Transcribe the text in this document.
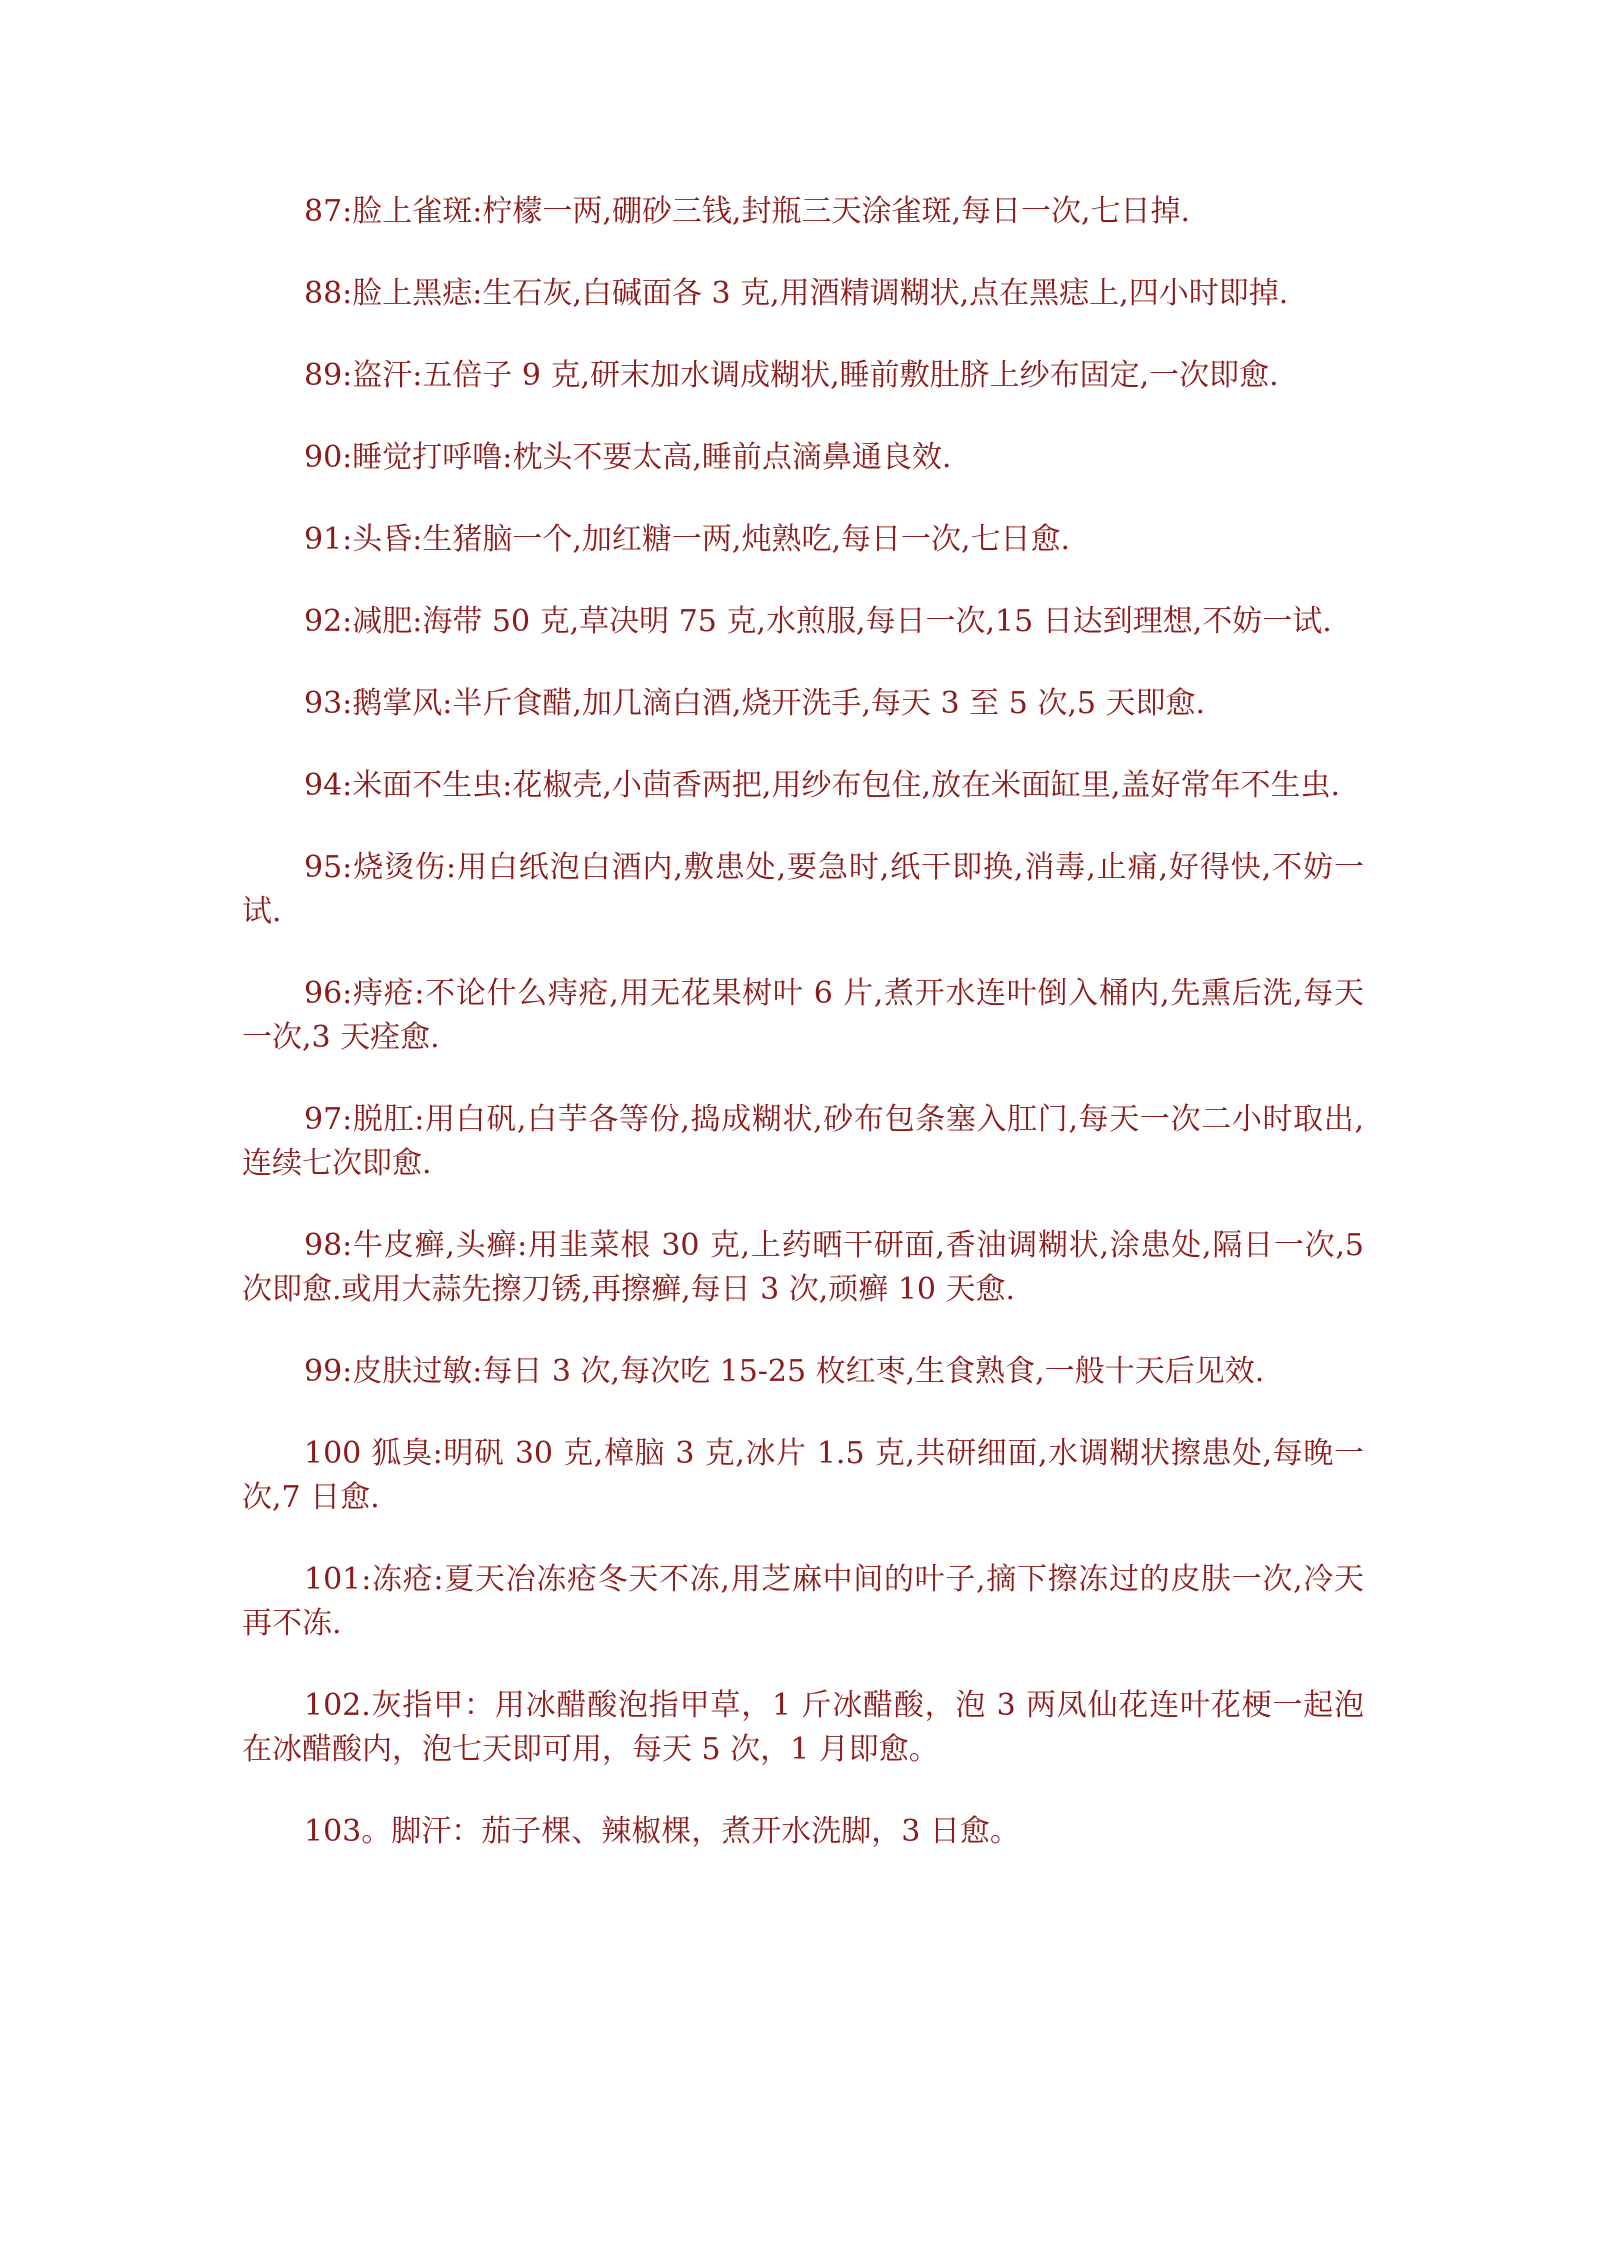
87:脸上雀斑:柠檬一两,硼砂三钱,封瓶三天涂雀斑,每日一次,七日掉.

88:脸上黑痣:生石灰,白碱面各 3 克,用酒精调糊状,点在黑痣上,四小时即掉.

89:盗汗:五倍子 9 克,研末加水调成糊状,睡前敷肚脐上纱布固定,一次即愈.

90:睡觉打呼噜:枕头不要太高,睡前点滴鼻通良效.

91:头昏:生猪脑一个,加红糖一两,炖熟吃,每日一次,七日愈.

92:减肥:海带 50 克,草决明 75 克,水煎服,每日一次,15 日达到理想,不妨一试.

93:鹅掌风:半斤食醋,加几滴白酒,烧开洗手,每天 3 至 5 次,5 天即愈.

94:米面不生虫:花椒壳,小茴香两把,用纱布包住,放在米面缸里,盖好常年不生虫.

95:烧烫伤:用白纸泡白酒内,敷患处,要急时,纸干即换,消毒,止痛,好得快,不妨一试.

96:痔疮:不论什么痔疮,用无花果树叶 6 片,煮开水连叶倒入桶内,先熏后洗,每天一次,3 天痊愈.

97:脱肛:用白矾,白芋各等份,捣成糊状,砂布包条塞入肛门,每天一次二小时取出,连续七次即愈.

98:牛皮癣,头癣:用韭菜根 30 克,上药晒干研面,香油调糊状,涂患处,隔日一次,5 次即愈.或用大蒜先擦刀锈,再擦癣,每日 3 次,顽癣 10 天愈.

99:皮肤过敏:每日 3 次,每次吃 15-25 枚红枣,生食熟食,一般十天后见效.

100 狐臭:明矾 30 克,樟脑 3 克,冰片 1.5 克,共研细面,水调糊状擦患处,每晚一次,7 日愈.

101:冻疮:夏天冶冻疮冬天不冻,用芝麻中间的叶子,摘下擦冻过的皮肤一次,冷天再不冻.

102.灰指甲：用冰醋酸泡指甲草，1 斤冰醋酸，泡 3 两凤仙花连叶花梗一起泡在冰醋酸内，泡七天即可用，每天 5 次，1 月即愈。

103。脚汗：茄子棵、辣椒棵，煮开水洗脚，3 日愈。
